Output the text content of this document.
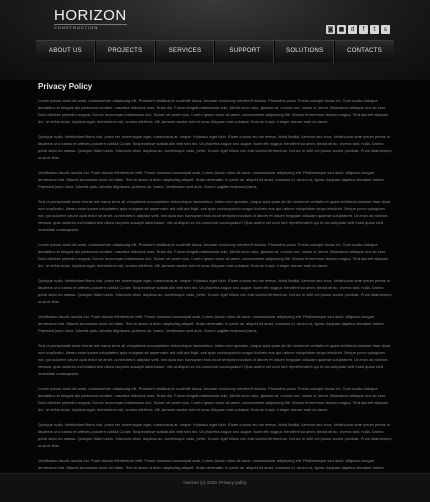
HORIZON
CONSTRUCTION	◙ ■	d	f	t	s
ABOUT US	PROJECTS	SERVICES	SUPPORT	SOLUTIONS	CONTACTS
Privacy Policy

Lorem ipsum dolor sit amet, consectetuer adipiscing elit. Praesent vestibulum molestie lacus. Aenean nonummy hendrerit mauris. Phasellus porta. Fusce suscipit varius mi. Cum sociis natoque penatibus et magnis dis parturient montes, nascetur ridiculus mus. Nulla dui. Fusce feugiat malesuada odio. Morbi nunc odio, gravida at, cursus nec, luctus a, lorem. Maecenas tristique orci ac sem. Duis ultricies pharetra magna. Donec accumsan malesuada orci. Donec sit amet eros. Lorem ipsum dolor sit amet, consectetuer adipiscing elit. Mauris fermentum dictum magna. Sed laoreet aliquam leo. Ut tellus dolor, dapibus eget, elementum vel, cursus eleifend, elit. Aenean auctor wisi et urna. Aliquam erat volutpat. Duis ac turpis. Integer rutrum ante eu lacus.

Quisque nulla. Vestibulum libero nisl, porta vel, scelerisque eget, malesuada at, neque. Vivamus eget nibh. Etiam cursus leo vel metus. Nulla facilisi. Aenean nec eros. Vestibulum ante ipsum primis in faucibus orci luctus et ultrices posuere cubilia Curae; Suspendisse sollicitudin velit sed leo. Ut pharetra augue nec augue. Nam elit magna, hendrerit sit amet, tincidunt ac, viverra sed, nulla. Donec porta diam eu massa. Quisque diam lorem, interdum vitae, dapibus ac, scelerisque vitae, pede. Donec eget tellus non erat lacinia fermentum. Donec in velit vel ipsum auctor pulvinar. Proin ullamcorper urna et felis.

Vestibulum iaculis lacinia est. Proin dictum elementum velit. Fusce euismod consequat ante. Lorem ipsum dolor sit amet, consectetuer adipiscing elit. Pellentesque sed dolor. Aliquam congue fermentum nisl. Mauris accumsan nulla vel diam. Sed in lacus ut enim adipiscing aliquet. Nulla venenatis. In pede mi, aliquet sit amet, euismod in, auctor ut, ligula. Aliquam dapibus tincidunt metus. Praesent justo dolor, lobortis quis, lobortis dignissim, pulvinar ac, lorem. Vestibulum sed ante. Donec sagittis euismod purus.

Sed ut perspiciatis unde omnis iste natus error sit voluptatem accusantium doloremque laudantium, totam rem aperiam, eaque ipsa quae ab illo inventore veritatis et quasi architecto beatae vitae dicta sunt explicabo. Nemo enim ipsam voluptatem quia voluptas sit aspernatur aut odit aut fugit, sed quia consequuntur magni dolores eos qui ratione voluptatem sequi nesciunt. Neque porro quisquam est, qui dolorem ipsum quia dolor sit amet, consectetur, adipisci velit, sed quia non numquam eius modi tempora incidunt ut labore et dolore magnam aliquam quaerat voluptatem. Ut enim ad minima veniam, quis nostrum exercitationem ullam corporis suscipit laboriosam, nisi ut aliquid ex ea commodi consequatur? Quis autem vel eum iure reprehenderit qui in ea voluptate velit esse quam nihil molestiae consequatur.

Lorem ipsum dolor sit amet, consectetuer adipiscing elit. Praesent vestibulum molestie lacus. Aenean nonummy hendrerit mauris. Phasellus porta. Fusce suscipit varius mi. Cum sociis natoque penatibus et magnis dis parturient montes, nascetur ridiculus mus. Nulla dui. Fusce feugiat malesuada odio. Morbi nunc odio, gravida at, cursus nec, luctus a, lorem. Maecenas tristique orci ac sem. Duis ultricies pharetra magna. Donec accumsan malesuada orci. Donec sit amet eros. Lorem ipsum dolor sit amet, consectetuer adipiscing elit. Mauris fermentum dictum magna. Sed laoreet aliquam leo. Ut tellus dolor, dapibus eget, elementum vel, cursus eleifend, elit. Aenean auctor wisi et urna. Aliquam erat volutpat. Duis ac turpis. Integer rutrum ante eu lacus.

Quisque nulla. Vestibulum libero nisl, porta vel, scelerisque eget, malesuada at, neque. Vivamus eget nibh. Etiam cursus leo vel metus. Nulla facilisi. Aenean nec eros. Vestibulum ante ipsum primis in faucibus orci luctus et ultrices posuere cubilia Curae; Suspendisse sollicitudin velit sed leo. Ut pharetra augue nec augue. Nam elit magna, hendrerit sit amet, tincidunt ac, viverra sed, nulla. Donec porta diam eu massa. Quisque diam lorem, interdum vitae, dapibus ac, scelerisque vitae, pede. Donec eget tellus non erat lacinia fermentum. Donec in velit vel ipsum auctor pulvinar. Proin ullamcorper urna et felis.

Vestibulum iaculis lacinia est. Proin dictum elementum velit. Fusce euismod consequat ante. Lorem ipsum dolor sit amet, consectetuer adipiscing elit. Pellentesque sed dolor. Aliquam congue fermentum nisl. Mauris accumsan nulla vel diam. Sed in lacus ut enim adipiscing aliquet. Nulla venenatis. In pede mi, aliquet sit amet, euismod in, auctor ut, ligula. Aliquam dapibus tincidunt metus. Praesent justo dolor, lobortis quis, lobortis dignissim, pulvinar ac, lorem. Vestibulum sed ante. Donec sagittis euismod purus.

Sed ut perspiciatis unde omnis iste natus error sit voluptatem accusantium doloremque laudantium, totam rem aperiam, eaque ipsa quae ab illo inventore veritatis et quasi architecto beatae vitae dicta sunt explicabo. Nemo enim ipsam voluptatem quia voluptas sit aspernatur aut odit aut fugit, sed quia consequuntur magni dolores eos qui ratione voluptatem sequi nesciunt. Neque porro quisquam est, qui dolorem ipsum quia dolor sit amet, consectetur, adipisci velit, sed quia non numquam eius modi tempora incidunt ut labore et dolore magnam aliquam quaerat voluptatem. Ut enim ad minima veniam, quis nostrum exercitationem ullam corporis suscipit laboriosam, nisi ut aliquid ex ea commodi consequatur? Quis autem vel eum iure reprehenderit qui in ea voluptate velit esse quam nihil molestiae consequatur.

Lorem ipsum dolor sit amet, consectetuer adipiscing elit. Praesent vestibulum molestie lacus. Aenean nonummy hendrerit mauris. Phasellus porta. Fusce suscipit varius mi. Cum sociis natoque penatibus et magnis dis parturient montes, nascetur ridiculus mus. Nulla dui. Fusce feugiat malesuada odio. Morbi nunc odio, gravida at, cursus nec, luctus a, lorem. Maecenas tristique orci ac sem. Duis ultricies pharetra magna. Donec accumsan malesuada orci. Donec sit amet eros. Lorem ipsum dolor sit amet, consectetuer adipiscing elit. Mauris fermentum dictum magna. Sed laoreet aliquam leo. Ut tellus dolor, dapibus eget, elementum vel, cursus eleifend, elit. Aenean auctor wisi et urna. Aliquam erat volutpat. Duis ac turpis. Integer rutrum ante eu lacus.

Quisque nulla. Vestibulum libero nisl, porta vel, scelerisque eget, malesuada at, neque. Vivamus eget nibh. Etiam cursus leo vel metus. Nulla facilisi. Aenean nec eros. Vestibulum ante ipsum primis in faucibus orci luctus et ultrices posuere cubilia Curae; Suspendisse sollicitudin velit sed leo. Ut pharetra augue nec augue. Nam elit magna, hendrerit sit amet, tincidunt ac, viverra sed, nulla. Donec porta diam eu massa. Quisque diam lorem, interdum vitae, dapibus ac, scelerisque vitae, pede. Donec eget tellus non erat lacinia fermentum. Donec in velit vel ipsum auctor pulvinar. Proin ullamcorper urna et felis.

Vestibulum iaculis lacinia est. Proin dictum elementum velit. Fusce euismod consequat ante. Lorem ipsum dolor sit amet, consectetuer adipiscing elit. Pellentesque sed dolor. Aliquam congue fermentum nisl. Mauris accumsan nulla vel diam. Sed in lacus ut enim adipiscing aliquet. Nulla venenatis. In pede mi, aliquet sit amet, euismod in, auctor ut, ligula. Aliquam dapibus tincidunt metus.

Horizon (c) 2010. Privacy policy
